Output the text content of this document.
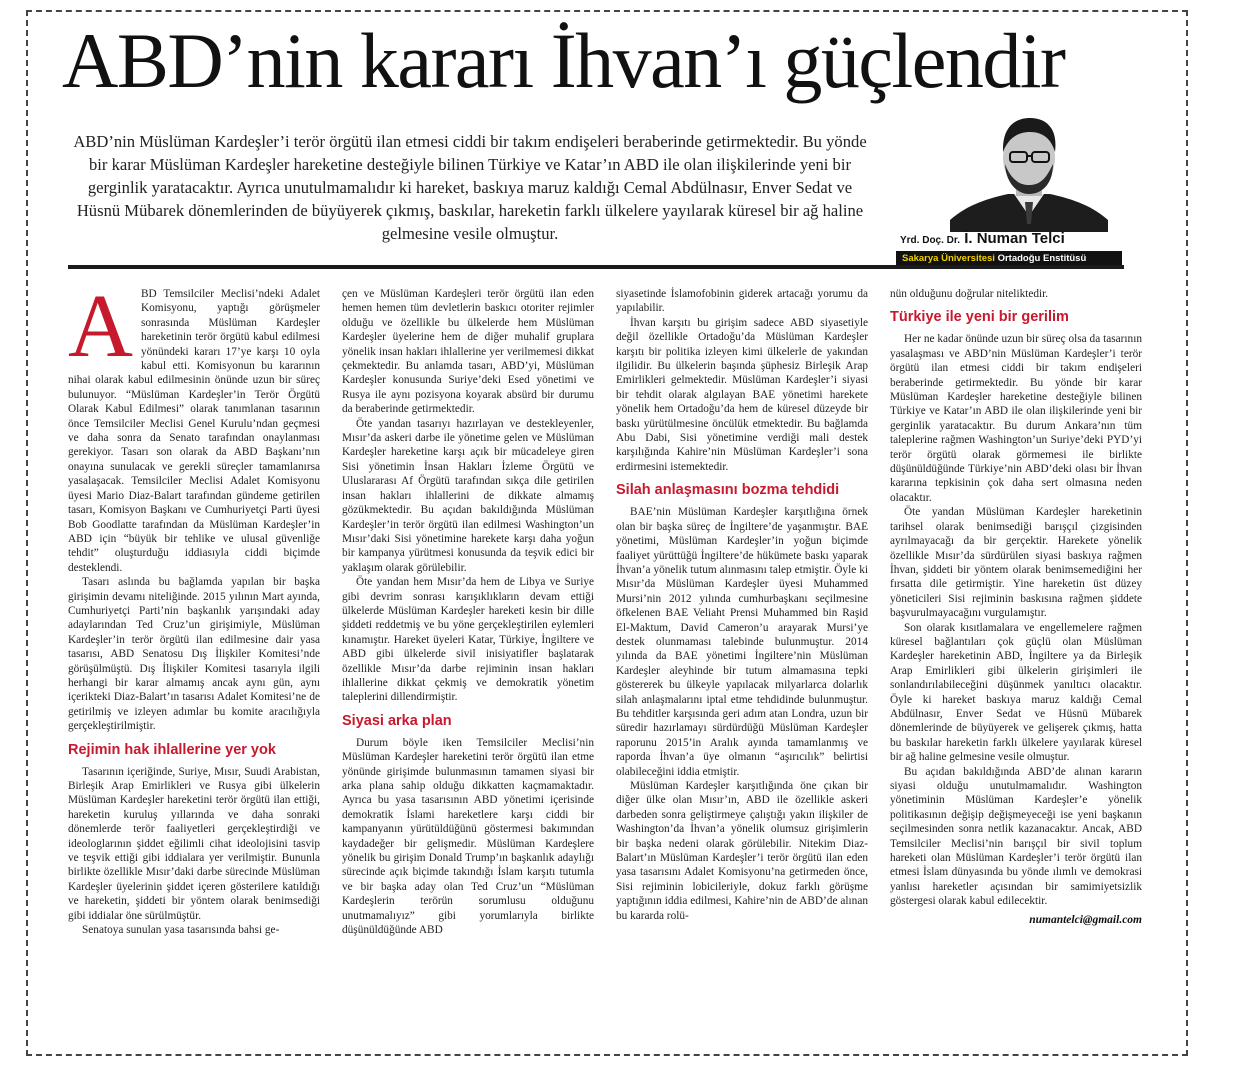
ABD’nin kararı İhvan’ı güçlendir

ABD’nin Müslüman Kardeşler’i terör örgütü ilan etmesi ciddi bir takım endişeleri beraberinde getirmektedir. Bu yönde bir karar Müslüman Kardeşler hareketine desteğiyle bilinen Türkiye ve Katar’ın ABD ile olan ilişkilerinde yeni bir gerginlik yaratacaktır. Ayrıca unutulmamalıdır ki hareket, baskıya maruz kaldığı Cemal Abdülnasır, Enver Sedat ve Hüsnü Mübarek dönemlerinden de büyüyerek çıkmış, baskılar, hareketin farklı ülkelere yayılarak küresel bir ağ haline gelmesine vesile olmuştur.	Yrd. Doç. Dr. İ. Numan Telci
Sakarya Üniversitesi Ortadoğu Enstitüsü
A BD Temsilciler Meclisi’ndeki Adalet Komisyonu, yaptığı görüşmeler sonrasında Müslüman Kardeşler hareketinin terör örgütü kabul edilmesi yönündeki kararı 17’ye karşı 10 oyla kabul etti. Komisyonun bu kararının nihai olarak kabul edilmesinin önünde uzun bir süreç bulunuyor. “Müslüman Kardeşler’in Terör Örgütü Olarak Kabul Edilmesi” olarak tanımlanan tasarının önce Temsilciler Meclisi Genel Kurulu’ndan geçmesi ve daha sonra da Senato tarafından onaylanması gerekiyor. Tasarı son olarak da ABD Başkanı’nın onayına sunulacak ve gerekli süreçler tamamlanırsa yasalaşacak. Temsilciler Meclisi Adalet Komisyonu üyesi Mario Diaz-Balart tarafından gündeme getirilen tasarı, Komisyon Başkanı ve Cumhuriyetçi Parti üyesi Bob Goodlatte tarafından da Müslüman Kardeşler’in ABD için “büyük bir tehlike ve ulusal güvenliğe tehdit” oluşturduğu iddiasıyla ciddi biçimde desteklendi.

Tasarı aslında bu bağlamda yapılan bir başka girişimin devamı niteliğinde. 2015 yılının Mart ayında, Cumhuriyetçi Parti’nin başkanlık yarışındaki aday adaylarından Ted Cruz’un girişimiyle, Müslüman Kardeşler’in terör örgütü ilan edilmesine dair yasa tasarısı, ABD Senatosu Dış İlişkiler Komitesi’nde görüşülmüştü. Dış İlişkiler Komitesi tasarıyla ilgili herhangi bir karar almamış ancak aynı gün, aynı içerikteki Diaz-Balart’ın tasarısı Adalet Komitesi’ne de getirilmiş ve izleyen adımlar bu komite aracılığıyla gerçekleştirilmiştir.

Rejimin hak ihlallerine yer yok

Tasarının içeriğinde, Suriye, Mısır, Suudi Arabistan, Birleşik Arap Emirlikleri ve Rusya gibi ülkelerin Müslüman Kardeşler hareketini terör örgütü ilan ettiği, hareketin kuruluş yıllarında ve daha sonraki dönemlerde terör faaliyetleri gerçekleştirdiği ve ideologlarının şiddet eğilimli cihat ideolojisini tasvip ve teşvik ettiği gibi iddialara yer verilmiştir. Bununla birlikte özellikle Mısır’daki darbe sürecinde Müslüman Kardeşler üyelerinin şiddet içeren gösterilere katıldığı ve hareketin, şiddeti bir yöntem olarak benimsediği gibi iddialar öne sürülmüştür.

Senatoya sunulan yasa tasarısında bahsi ge-

çen ve Müslüman Kardeşleri terör örgütü ilan eden hemen hemen tüm devletlerin baskıcı otoriter rejimler olduğu ve özellikle bu ülkelerde hem Müslüman Kardeşler üyelerine hem de diğer muhalif gruplara yönelik insan hakları ihlallerine yer verilmemesi dikkat çekmektedir. Bu anlamda tasarı, ABD’yi, Müslüman Kardeşler konusunda Suriye’deki Esed yönetimi ve Rusya ile aynı pozisyona koyarak absürd bir durumu da beraberinde getirmektedir.

Öte yandan tasarıyı hazırlayan ve destekleyenler, Mısır’da askeri darbe ile yönetime gelen ve Müslüman Kardeşler hareketine karşı açık bir mücadeleye giren Sisi yönetimin İnsan Hakları İzleme Örgütü ve Uluslararası Af Örgütü tarafından sıkça dile getirilen insan hakları ihlallerini de dikkate almamış gözükmektedir. Bu açıdan bakıldığında Müslüman Kardeşler’in terör örgütü ilan edilmesi Washington’un Mısır’daki Sisi yönetimine harekete karşı daha yoğun bir kampanya yürütmesi konusunda da teşvik edici bir yaklaşım olarak görülebilir.

Öte yandan hem Mısır’da hem de Libya ve Suriye gibi devrim sonrası karışıklıkların devam ettiği ülkelerde Müslüman Kardeşler hareketi kesin bir dille şiddeti reddetmiş ve bu yöne gerçekleştirilen eylemleri kınamıştır. Hareket üyeleri Katar, Türkiye, İngiltere ve ABD gibi ülkelerde sivil inisiyatifler başlatarak özellikle Mısır’da darbe rejiminin insan hakları ihlallerine dikkat çekmiş ve demokratik yönetim taleplerini dillendirmiştir.

Siyasi arka plan

Durum böyle iken Temsilciler Meclisi’nin Müslüman Kardeşler hareketini terör örgütü ilan etme yönünde girişimde bulunmasının tamamen siyasi bir arka plana sahip olduğu dikkatten kaçmamaktadır. Ayrıca bu yasa tasarısının ABD yönetimi içerisinde demokratik İslami hareketlere karşı ciddi bir kampanyanın yürütüldüğünü göstermesi bakımından kaydadeğer bir gelişmedir. Müslüman Kardeşlere yönelik bu girişim Donald Trump’ın başkanlık adaylığı sürecinde açık biçimde takındığı İslam karşıtı tutumla ve bir başka aday olan Ted Cruz’un “Müslüman Kardeşlerin terörün sorumlusu olduğunu unutmamalıyız” gibi yorumlarıyla birlikte düşünüldüğünde ABD

siyasetinde İslamofobinin giderek artacağı yorumu da yapılabilir.

İhvan karşıtı bu girişim sadece ABD siyasetiyle değil özellikle Ortadoğu’da Müslüman Kardeşler karşıtı bir politika izleyen kimi ülkelerle de yakından ilgilidir. Bu ülkelerin başında şüphesiz Birleşik Arap Emirlikleri gelmektedir. Müslüman Kardeşler’i siyasi bir tehdit olarak algılayan BAE yönetimi harekete yönelik hem Ortadoğu’da hem de küresel düzeyde bir baskı yürütülmesine öncülük etmektedir. Bu bağlamda Abu Dabi, Sisi yönetimine verdiği mali destek karşılığında Kahire’nin Müslüman Kardeşler’i sona erdirmesini istemektedir.

Silah anlaşmasını bozma tehdidi

BAE’nin Müslüman Kardeşler karşıtlığına örnek olan bir başka süreç de İngiltere’de yaşanmıştır. BAE yönetimi, Müslüman Kardeşler’in yoğun biçimde faaliyet yürüttüğü İngiltere’de hükümete baskı yaparak İhvan’a yönelik tutum alınmasını talep etmiştir. Öyle ki Mısır’da Müslüman Kardeşler üyesi Muhammed Mursi’nin 2012 yılında cumhurbaşkanı seçilmesine öfkelenen BAE Veliaht Prensi Muhammed bin Raşid El-Maktum, David Cameron’u arayarak Mursi’ye destek olunmaması talebinde bulunmuştur. 2014 yılında da BAE yönetimi İngiltere’nin Müslüman Kardeşler aleyhinde bir tutum almamasına tepki göstererek bu ülkeyle yapılacak milyarlarca dolarlık silah anlaşmalarını iptal etme tehdidinde bulunmuştur. Bu tehditler karşısında geri adım atan Londra, uzun bir süredir hazırlamayı sürdürdüğü Müslüman Kardeşler raporunu 2015’in Aralık ayında tamamlanmış ve raporda İhvan’a üye olmanın “aşırıcılık” belirtisi olabileceğini iddia etmiştir.

Müslüman Kardeşler karşıtlığında öne çıkan bir diğer ülke olan Mısır’ın, ABD ile özellikle askeri darbeden sonra geliştirmeye çalıştığı yakın ilişkiler de Washington’da İhvan’a yönelik olumsuz girişimlerin bir başka nedeni olarak görülebilir. Nitekim Diaz-Balart’ın Müslüman Kardeşler’i terör örgütü ilan eden yasa tasarısını Adalet Komisyonu’na getirmeden önce, Sisi rejiminin lobicileriyle, dokuz farklı görüşme yaptığının iddia edilmesi, Kahire’nin de ABD’de alınan bu kararda rolü-

nün olduğunu doğrular niteliktedir.

Türkiye ile yeni bir gerilim

Her ne kadar önünde uzun bir süreç olsa da tasarının yasalaşması ve ABD’nin Müslüman Kardeşler’i terör örgütü ilan etmesi ciddi bir takım endişeleri beraberinde getirmektedir. Bu yönde bir karar Müslüman Kardeşler hareketine desteğiyle bilinen Türkiye ve Katar’ın ABD ile olan ilişkilerinde yeni bir gerginlik yaratacaktır. Bu durum Ankara’nın tüm taleplerine rağmen Washington’un Suriye’deki PYD’yi terör örgütü olarak görmemesi ile birlikte düşünüldüğünde Türkiye’nin ABD’deki olası bir İhvan kararına tepkisinin çok daha sert olmasına neden olacaktır.

Öte yandan Müslüman Kardeşler hareketinin tarihsel olarak benimsediği barışçıl çizgisinden ayrılmayacağı da bir gerçektir. Harekete yönelik özellikle Mısır’da sürdürülen siyasi baskıya rağmen İhvan, şiddeti bir yöntem olarak benimsemediğini her fırsatta dile getirmiştir. Yine hareketin üst düzey yöneticileri Sisi rejiminin baskısına rağmen şiddete başvurulmayacağını vurgulamıştır.

Son olarak kısıtlamalara ve engellemelere rağmen küresel bağlantıları çok güçlü olan Müslüman Kardeşler hareketinin ABD, İngiltere ya da Birleşik Arap Emirlikleri gibi ülkelerin girişimleri ile sonlandırılabileceğini düşünmek yanıltıcı olacaktır. Öyle ki hareket baskıya maruz kaldığı Cemal Abdülnasır, Enver Sedat ve Hüsnü Mübarek dönemlerinde de büyüyerek ve gelişerek çıkmış, hatta bu baskılar hareketin farklı ülkelere yayılarak küresel bir ağ haline gelmesine vesile olmuştur.

Bu açıdan bakıldığında ABD’de alınan kararın siyasi olduğu unutulmamalıdır. Washington yönetiminin Müslüman Kardeşler’e yönelik politikasının değişip değişmeyeceği ise yeni başkanın seçilmesinden sonra netlik kazanacaktır. Ancak, ABD Temsilciler Meclisi’nin barışçıl bir sivil toplum hareketi olan Müslüman Kardeşler’i terör örgütü ilan etmesi İslam dünyasında bu yönde ılımlı ve demokrasi yanlısı hareketler açısından bir samimiyetsizlik göstergesi olarak kabul edilecektir.

numantelci@gmail.com
